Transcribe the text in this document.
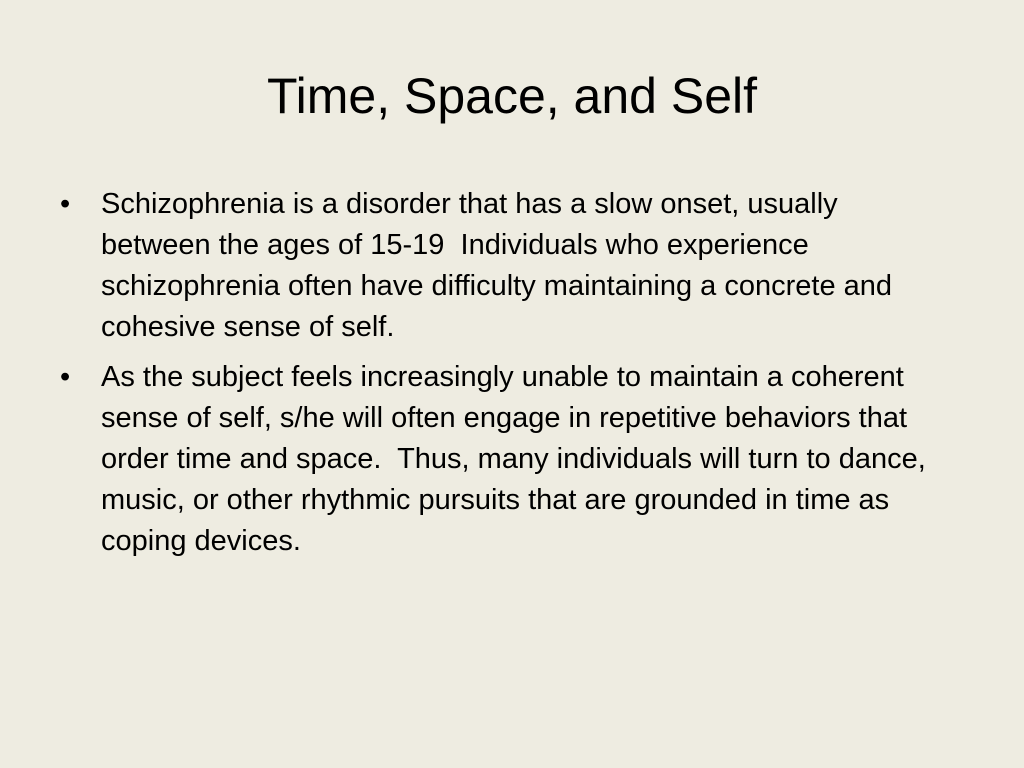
Time, Space, and Self
•	Schizophrenia is a disorder that has a slow onset, usually between the ages of 15-19  Individuals who experience schizophrenia often have difficulty maintaining a concrete and cohesive sense of self.
•	As the subject feels increasingly unable to maintain a coherent sense of self, s/he will often engage in repetitive behaviors that order time and space.  Thus, many individuals will turn to dance, music, or other rhythmic pursuits that are grounded in time as coping devices.
